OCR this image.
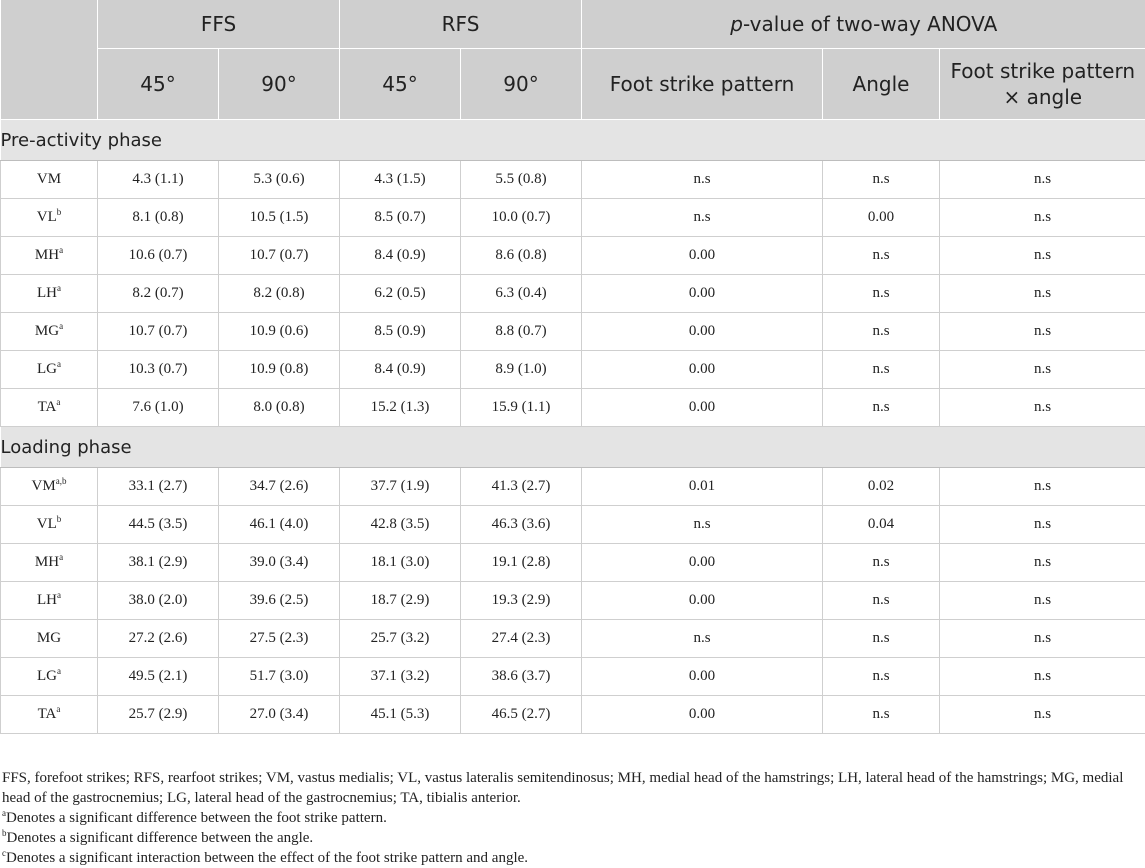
	FFS		RFS		p-value of two-way ANOVA		
	45°	90°	45°	90°	Foot strike pattern	Angle	Foot strike pattern × angle
Pre-activity phase							
VM	4.3 (1.1)	5.3 (0.6)	4.3 (1.5)	5.5 (0.8)	n.s	n.s	n.s
$VL^b$	8.1 (0.8)	10.5 (1.5)	8.5 (0.7)	10.0 (0.7)	n.s	0.00	n.s
$MH^a$	10.6 (0.7)	10.7 (0.7)	8.4 (0.9)	8.6 (0.8)	0.00	n.s	n.s
$LH^a$	8.2 (0.7)	8.2 (0.8)	6.2 (0.5)	6.3 (0.4)	0.00	n.s	n.s
$MG^a$	10.7 (0.7)	10.9 (0.6)	8.5 (0.9)	8.8 (0.7)	0.00	n.s	n.s
$LG^a$	10.3 (0.7)	10.9 (0.8)	8.4 (0.9)	8.9 (1.0)	0.00	n.s	n.s
$TA^a$	7.6 (1.0)	8.0 (0.8)	15.2 (1.3)	15.9 (1.1)	0.00	n.s	n.s
Loading phase							
VM$^{a,b}$	33.1 (2.7)	34.7 (2.6)	37.7 (1.9)	41.3 (2.7)	0.01	0.02	n.s
$VL^b$	44.5 (3.5)	46.1 (4.0)	42.8 (3.5)	46.3 (3.6)	n.s	0.04	n.s
$MH^a$	38.1 (2.9)	39.0 (3.4)	18.1 (3.0)	19.1 (2.8)	0.00	n.s	n.s
$LH^a$	38.0 (2.0)	39.6 (2.5)	18.7 (2.9)	19.3 (2.9)	0.00	n.s	n.s
MG	27.2 (2.6)	27.5 (2.3)	25.7 (3.2)	27.4 (2.3)	n.s	n.s	n.s
$LG^a$	49.5 (2.1)	51.7 (3.0)	37.1 (3.2)	38.6 (3.7)	0.00	n.s	n.s
$TA^a$	25.7 (2.9)	27.0 (3.4)	45.1 (5.3)	46.5 (2.7)	0.00	n.s	n.s

FFS, forefoot strikes; RFS, rearfoot strikes; VM, vastus medialis; VL, vastus lateralis semitendinosus; MH, medial head of the hamstrings; LH, lateral head of the hamstrings; MG, medial head of the gastrocnemius; LG, lateral head of the gastrocnemius; TA, tibialis anterior.

$^a$Denotes a significant difference between the foot strike pattern.

$^b$Denotes a significant difference between the angle.

$^c$Denotes a significant interaction between the effect of the foot strike pattern and angle.
